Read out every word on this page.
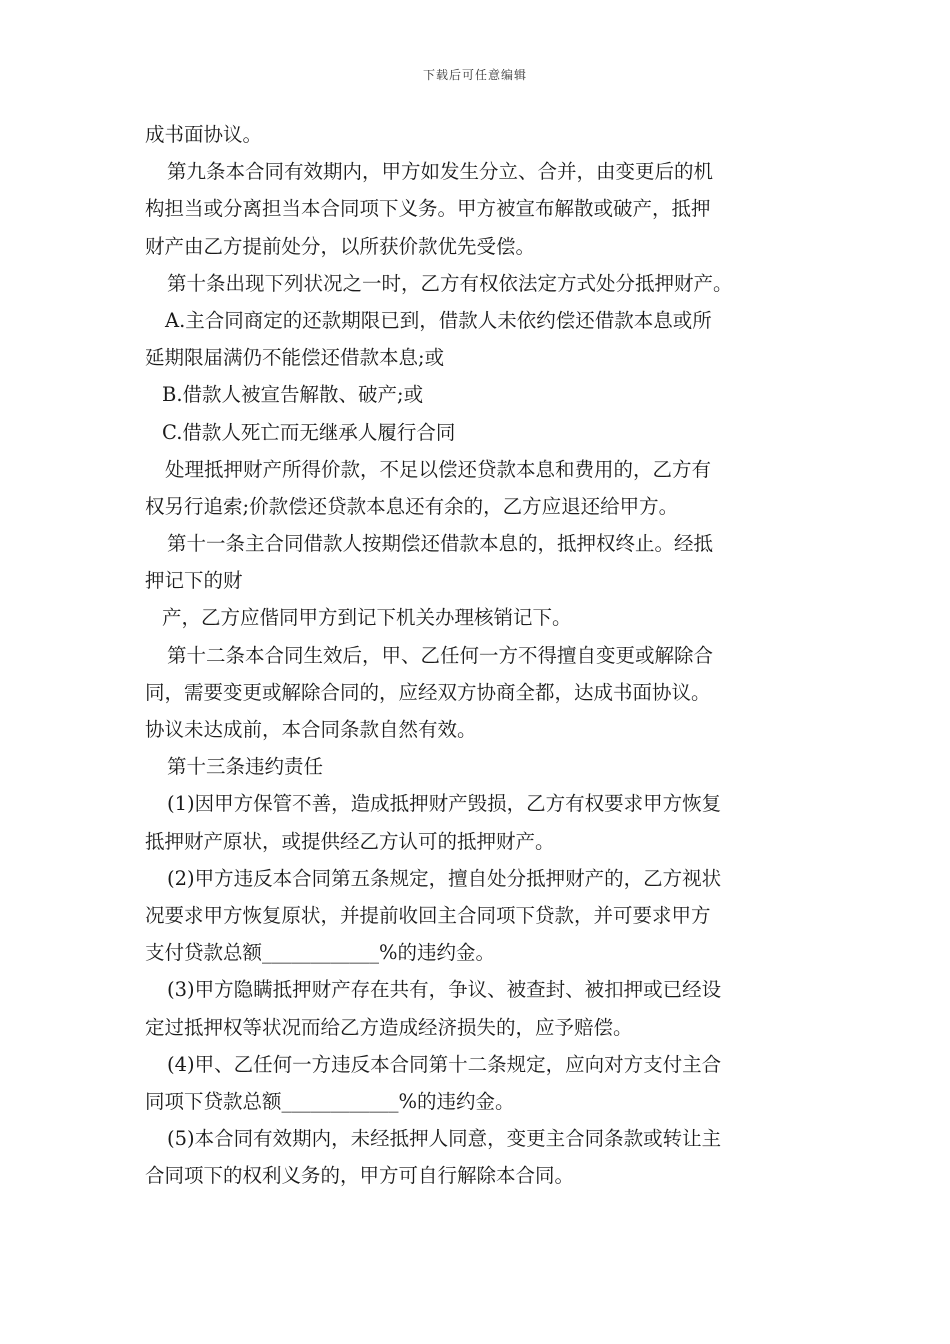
下载后可任意编辑
成书面协议。
第九条本合同有效期内，甲方如发生分立、合并，由变更后的机
构担当或分离担当本合同项下义务。甲方被宣布解散或破产，抵押
财产由乙方提前处分，以所获价款优先受偿。
第十条出现下列状况之一时，乙方有权依法定方式处分抵押财产。
A.主合同商定的还款期限已到，借款人未依约偿还借款本息或所
延期限届满仍不能偿还借款本息;或
B.借款人被宣告解散、破产;或
C.借款人死亡而无继承人履行合同
处理抵押财产所得价款，不足以偿还贷款本息和费用的，乙方有
权另行追索;价款偿还贷款本息还有余的，乙方应退还给甲方。
第十一条主合同借款人按期偿还借款本息的，抵押权终止。经抵
押记下的财
产，乙方应偕同甲方到记下机关办理核销记下。
第十二条本合同生效后，甲、乙任何一方不得擅自变更或解除合
同，需要变更或解除合同的，应经双方协商全都，达成书面协议。
协议未达成前，本合同条款自然有效。
第十三条违约责任
(1)因甲方保管不善，造成抵押财产毁损，乙方有权要求甲方恢复
抵押财产原状，或提供经乙方认可的抵押财产。
(2)甲方违反本合同第五条规定，擅自处分抵押财产的，乙方视状
况要求甲方恢复原状，并提前收回主合同项下贷款，并可要求甲方
支付贷款总额____________%的违约金。
(3)甲方隐瞒抵押财产存在共有，争议、被查封、被扣押或已经设
定过抵押权等状况而给乙方造成经济损失的，应予赔偿。
(4)甲、乙任何一方违反本合同第十二条规定，应向对方支付主合
同项下贷款总额____________%的违约金。
(5)本合同有效期内，未经抵押人同意，变更主合同条款或转让主
合同项下的权利义务的，甲方可自行解除本合同。
